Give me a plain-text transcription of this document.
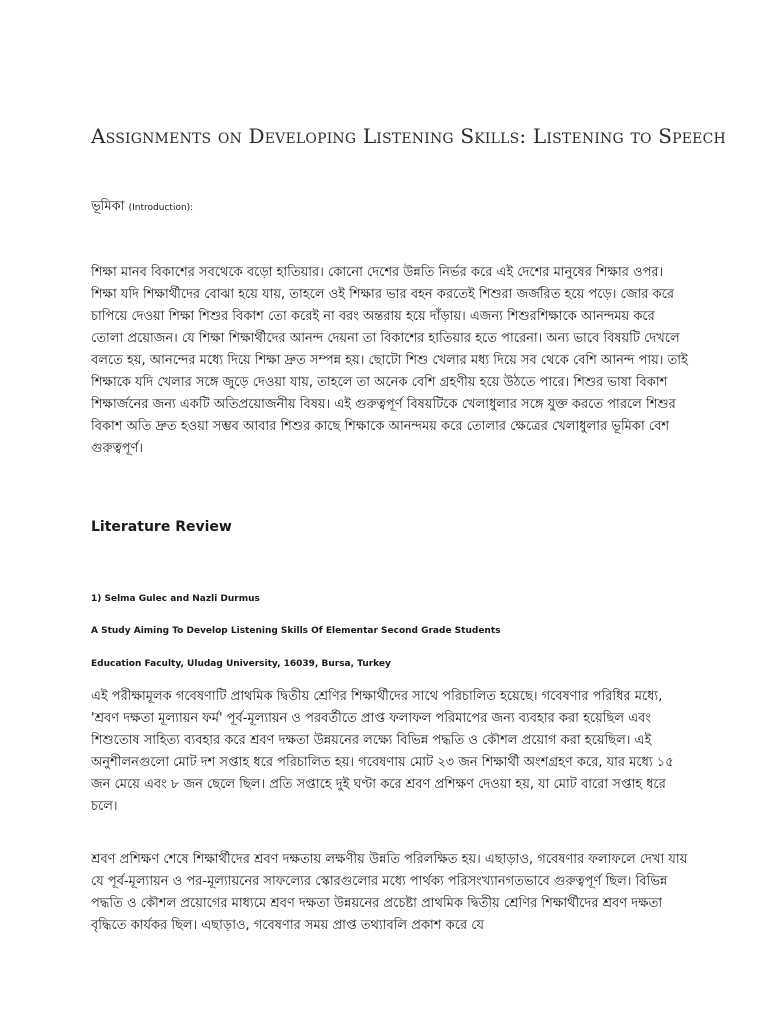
Assignments on Developing Listening Skills: Listening to Speech
ভূমিকা (Introduction):
শিক্ষা মানব বিকাশের সবথেকে বড়ো হাতিয়ার। কোনো দেশের উন্নতি নির্ভর করে এই দেশের মানুষের শিক্ষার ওপর। শিক্ষা যদি শিক্ষার্থীদের বোঝা হয়ে যায়, তাহলে ওই শিক্ষার ভার বহন করতেই শিশুরা জর্জরিত হয়ে পড়ে। জোর করে চাপিয়ে দেওয়া শিক্ষা শিশুর বিকাশ তো করেই না বরং অন্তরায় হয়ে দাঁড়ায়। এজন্য শিশুরশিক্ষাকে আনন্দময় করে তোলা প্রয়োজন। যে শিক্ষা শিক্ষার্থীদের আনন্দ দেয়না তা বিকাশের হাতিয়ার হতে পারেনা। অন্য ভাবে বিষয়টি দেখলে বলতে হয়, আনন্দের মধ্যে দিয়ে শিক্ষা দ্রুত সম্পন্ন হয়। ছোটো শিশু খেলার মধ্য দিয়ে সব থেকে বেশি আনন্দ পায়। তাই শিক্ষাকে যদি খেলার সঙ্গে জুড়ে দেওয়া যায়, তাহলে তা অনেক বেশি গ্রহণীয় হয়ে উঠতে পারে। শিশুর ভাষা বিকাশ শিক্ষার্জনের জন্য একটি অতিপ্রয়োজনীয় বিষয়। এই গুরুত্বপূর্ণ বিষয়টিকে খেলাধুলার সঙ্গে যুক্ত করতে পারলে শিশুর বিকাশ অতি দ্রুত হওয়া সম্ভব আবার শিশুর কাছে শিক্ষাকে আনন্দময় করে তোলার ক্ষেত্রের খেলাধুলার ভূমিকা বেশ গুরুত্বপূর্ণ।
Literature Review
1) Selma Gulec and Nazli Durmus
A Study Aiming To Develop Listening Skills Of Elementar Second Grade Students
Education Faculty, Uludag University, 16039, Bursa, Turkey
এই পরীক্ষামূলক গবেষণাটি প্রাথমিক দ্বিতীয় শ্রেণির শিক্ষার্থীদের সাথে পরিচালিত হয়েছে। গবেষণার পরিধির মধ্যে, 'শ্রবণ দক্ষতা মূল্যায়ন ফর্ম' পূর্ব-মূল্যায়ন ও পরবর্তীতে প্রাপ্ত ফলাফল পরিমাপের জন্য ব্যবহার করা হয়েছিল এবং শিশুতোষ সাহিত্য ব্যবহার করে শ্রবণ দক্ষতা উন্নয়নের লক্ষ্যে বিভিন্ন পদ্ধতি ও কৌশল প্রয়োগ করা হয়েছিল। এই অনুশীলনগুলো মোট দশ সপ্তাহ ধরে পরিচালিত হয়। গবেষণায় মোট ২৩ জন শিক্ষার্থী অংশগ্রহণ করে, যার মধ্যে ১৫ জন মেয়ে এবং ৮ জন ছেলে ছিল। প্রতি সপ্তাহে দুই ঘণ্টা করে শ্রবণ প্রশিক্ষণ দেওয়া হয়, যা মোট বারো সপ্তাহ ধরে চলে।
শ্রবণ প্রশিক্ষণ শেষে শিক্ষার্থীদের শ্রবণ দক্ষতায় লক্ষণীয় উন্নতি পরিলক্ষিত হয়। এছাড়াও, গবেষণার ফলাফলে দেখা যায় যে পূর্ব-মূল্যায়ন ও পর-মূল্যায়নের সাফল্যের স্কোরগুলোর মধ্যে পার্থক্য পরিসংখ্যানগতভাবে গুরুত্বপূর্ণ ছিল। বিভিন্ন পদ্ধতি ও কৌশল প্রয়োগের মাধ্যমে শ্রবণ দক্ষতা উন্নয়নের প্রচেষ্টা প্রাথমিক দ্বিতীয় শ্রেণির শিক্ষার্থীদের শ্রবণ দক্ষতা বৃদ্ধিতে কার্যকর ছিল। এছাড়াও, গবেষণার সময় প্রাপ্ত তথ্যাবলি প্রকাশ করে যে
